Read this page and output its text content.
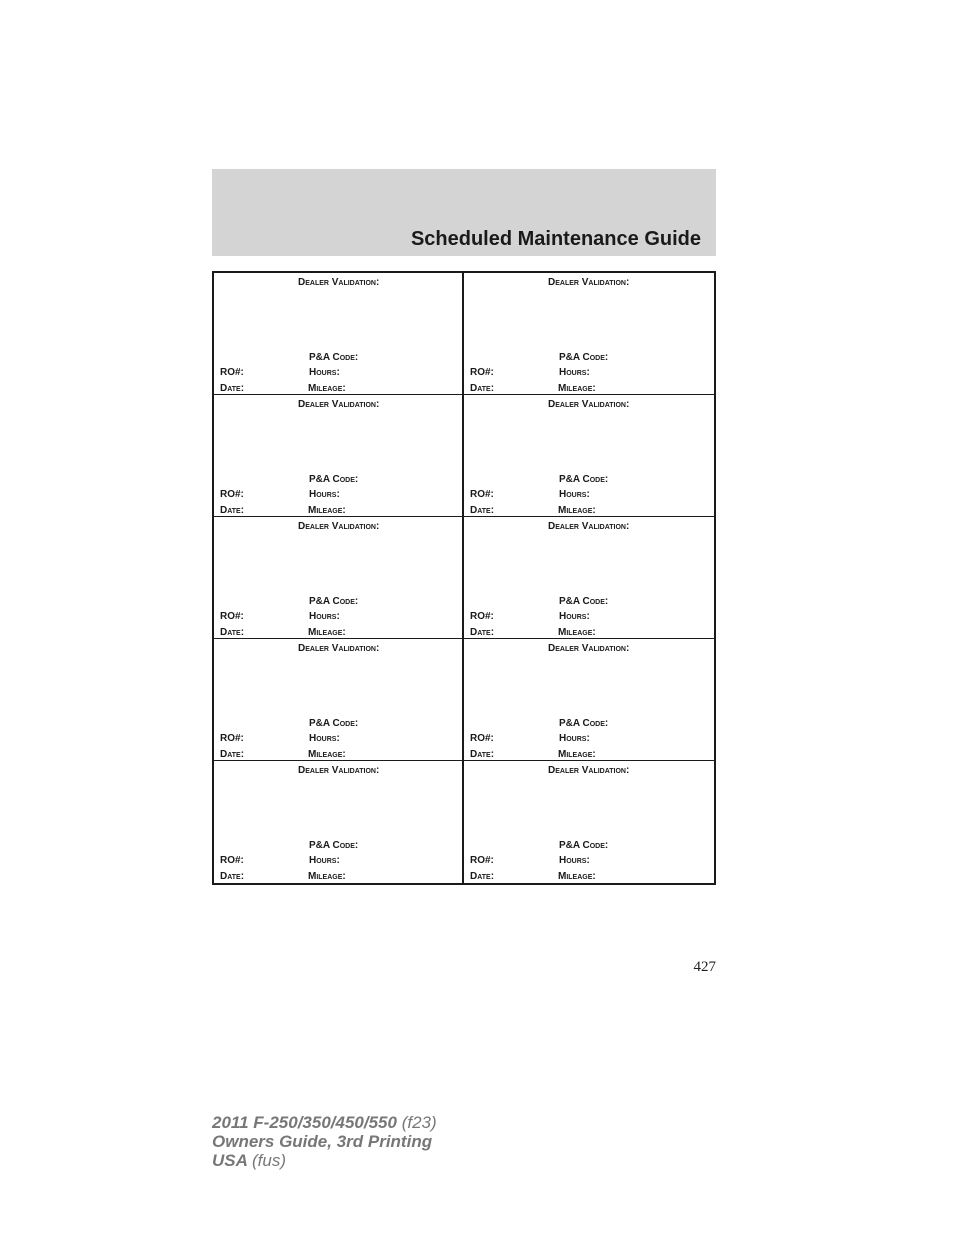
Scheduled Maintenance Guide
Dealer Validation:
P&A Code:
RO#:	Hours:
Date:	Mileage:
Dealer Validation:
P&A Code:
RO#:	Hours:
Date:	Mileage:
Dealer Validation:
P&A Code:
RO#:	Hours:
Date:	Mileage:
Dealer Validation:
P&A Code:
RO#:	Hours:
Date:	Mileage:
Dealer Validation:
P&A Code:
RO#:	Hours:
Date:	Mileage:
Dealer Validation:
P&A Code:
RO#:	Hours:
Date:	Mileage:
Dealer Validation:
P&A Code:
RO#:	Hours:
Date:	Mileage:
Dealer Validation:
P&A Code:
RO#:	Hours:
Date:	Mileage:
Dealer Validation:
P&A Code:
RO#:	Hours:
Date:	Mileage:
Dealer Validation:
P&A Code:
RO#:	Hours:
Date:	Mileage:
427
2011 F-250/350/450/550 (f23)
Owners Guide, 3rd Printing
USA (fus)
